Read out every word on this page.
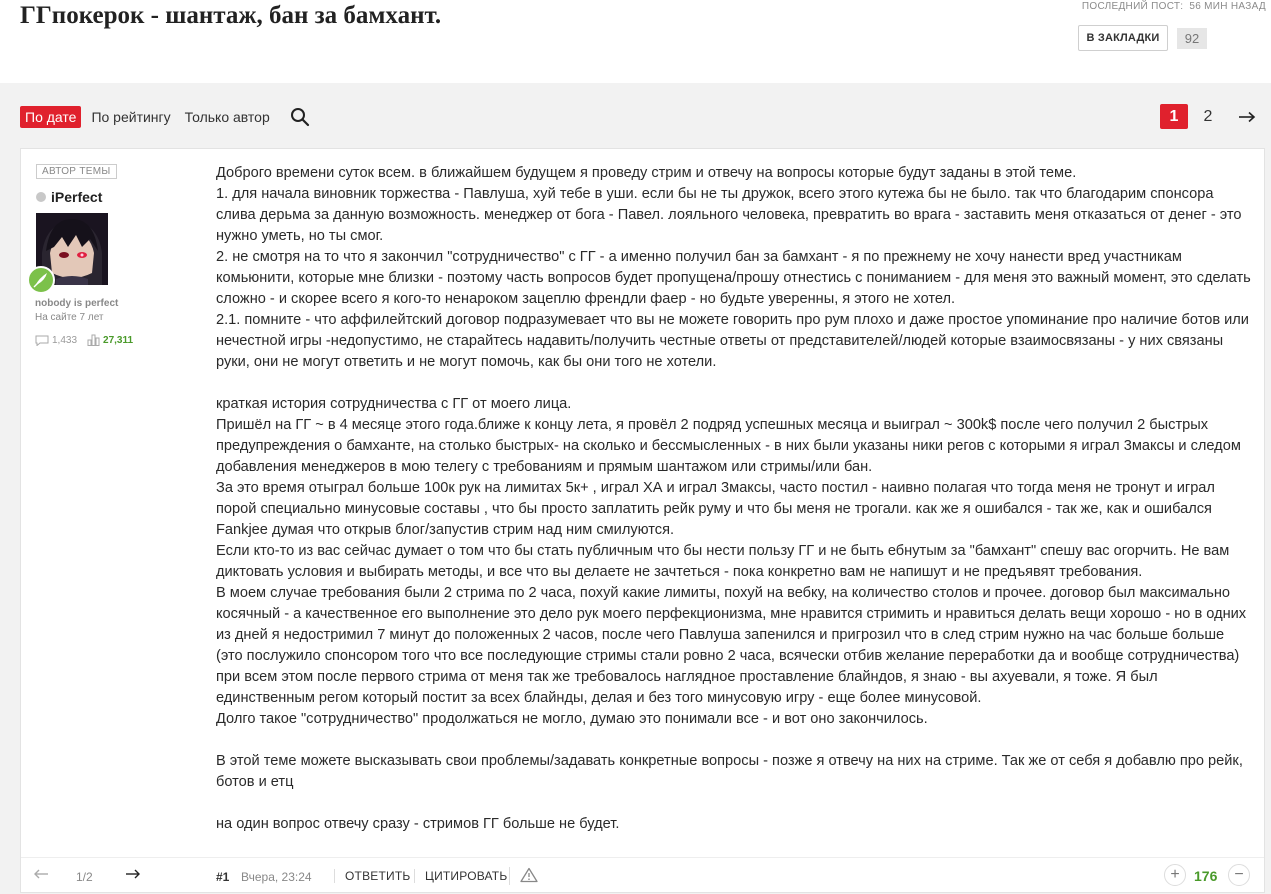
ГГпокерок - шантаж, бан за бамхант.	ПОСЛЕДНИЙ ПОСТ: 56 МИН НАЗАД
В ЗАКЛАДКИ	92
По дате	По рейтингу Только автор	1	2
АВТОР ТЕМЫ
iPerfect
nobody is perfect
На сайте 7 лет
1,433	27,311

Доброго времени суток всем. в ближайшем будущем я проведу стрим и отвечу на вопросы которые будут заданы в этой теме.

1. для начала виновник торжества - Павлуша, хуй тебе в уши. если бы не ты дружок, всего этого кутежа бы не было. так что благодарим спонсора слива дерьма за данную возможность. менеджер от бога - Павел. лояльного человека, превратить во врага - заставить меня отказаться от денег - это нужно уметь, но ты смог.

2. не смотря на то что я закончил "сотрудничество" с ГГ - а именно получил бан за бамхант - я по прежнему не хочу нанести вред участникам комьюнити, которые мне близки - поэтому часть вопросов будет пропущена/прошу отнестись с пониманием - для меня это важный момент, это сделать сложно - и скорее всего я кого-то ненароком зацеплю френдли фаер - но будьте уверенны, я этого не хотел.

2.1. помните - что аффилейтский договор подразумевает что вы не можете говорить про рум плохо и даже простое упоминание про наличие ботов или нечестной игры -недопустимо, не старайтесь надавить/получить честные ответы от представителей/людей которые взаимосвязаны - у них связаны руки, они не могут ответить и не могут помочь, как бы они того не хотели.

краткая история сотрудничества с ГГ от моего лица.

Пришёл на ГГ ~ в 4 месяце этого года.ближе к концу лета, я провёл 2 подряд успешных месяца и выиграл ~ 300k$ после чего получил 2 быстрых предупреждения о бамханте, на столько быстрых- на сколько и бессмысленных - в них были указаны ники регов с которыми я играл 3максы и следом добавления менеджеров в мою телегу с требованиям и прямым шантажом или стримы/или бан.

За это время отыграл больше 100к рук на лимитах 5к+ , играл ХА и играл 3максы, часто постил - наивно полагая что тогда меня не тронут и играл порой специально минусовые составы , что бы просто заплатить рейк руму и что бы меня не трогали. как же я ошибался - так же, как и ошибался Fankjee думая что открыв блог/запустив стрим над ним смилуются.

Если кто-то из вас сейчас думает о том что бы стать публичным что бы нести пользу ГГ и не быть ебнутым за "бамхант" спешу вас огорчить. Не вам диктовать условия и выбирать методы, и все что вы делаете не зачтеться - пока конкретно вам не напишут и не предъявят требования.

В моем случае требования были 2 стрима по 2 часа, похуй какие лимиты, похуй на вебку, на количество столов и прочее. договор был максимально косячный - а качественное его выполнение это дело рук моего перфекционизма, мне нравится стримить и нравиться делать вещи хорошо - но в одних из дней я недостримил 7 минут до положенных 2 часов, после чего Павлуша запенился и пригрозил что в след стрим нужно на час больше больше (это послужило спонсором того что все последующие стримы стали ровно 2 часа, всячески отбив желание переработки да и вообще сотрудничества) при всем этом после первого стрима от меня так же требовалось наглядное проставление блайндов, я знаю - вы ахуевали, я тоже. Я был единственным регом который постит за всех блайнды, делая и без того минусовую игру - еще более минусовой.

Долго такое "сотрудничество" продолжаться не могло, думаю это понимали все - и вот оно закончилось.

В этой теме можете высказывать свои проблемы/задавать конкретные вопросы - позже я отвечу на них на стриме. Так же от себя я добавлю про рейк, ботов и етц

на один вопрос отвечу сразу - стримов ГГ больше не будет.

1/2	#1 Вчера, 23:24	ОТВЕТИТЬ	ЦИТИРОВАТЬ	+	176	−
